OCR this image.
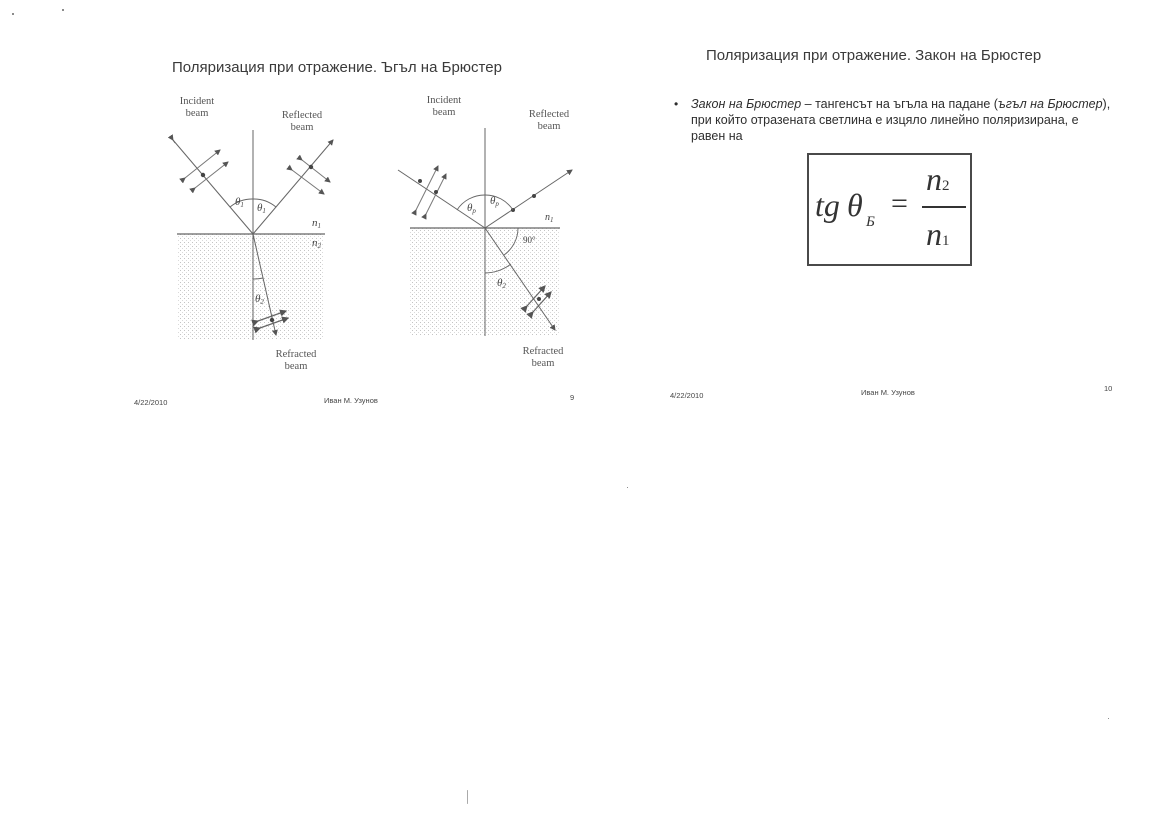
Поляризация при отражение. Ъгъл на Брюстер
θ1 θ1
θ2
n1
n2
θp
θp
θ2
$n_1$
90°
Incident
beam	Reflected
beam
Refracted
beam
Incident
beam	Reflected
beam
Refracted
beam
4/22/2010	Иван М. Узунов	9
Поляризация при отражение. Закон на Брюстер
• Закон на Брюстер – тангенсът на ъгъла на падане (ъгъл на Брюстер), при който отразената светлина е изцяло линейно поляризирана, е равен на
tg θ Б
=
n2
n1
4/22/2010	Иван М. Узунов	10
